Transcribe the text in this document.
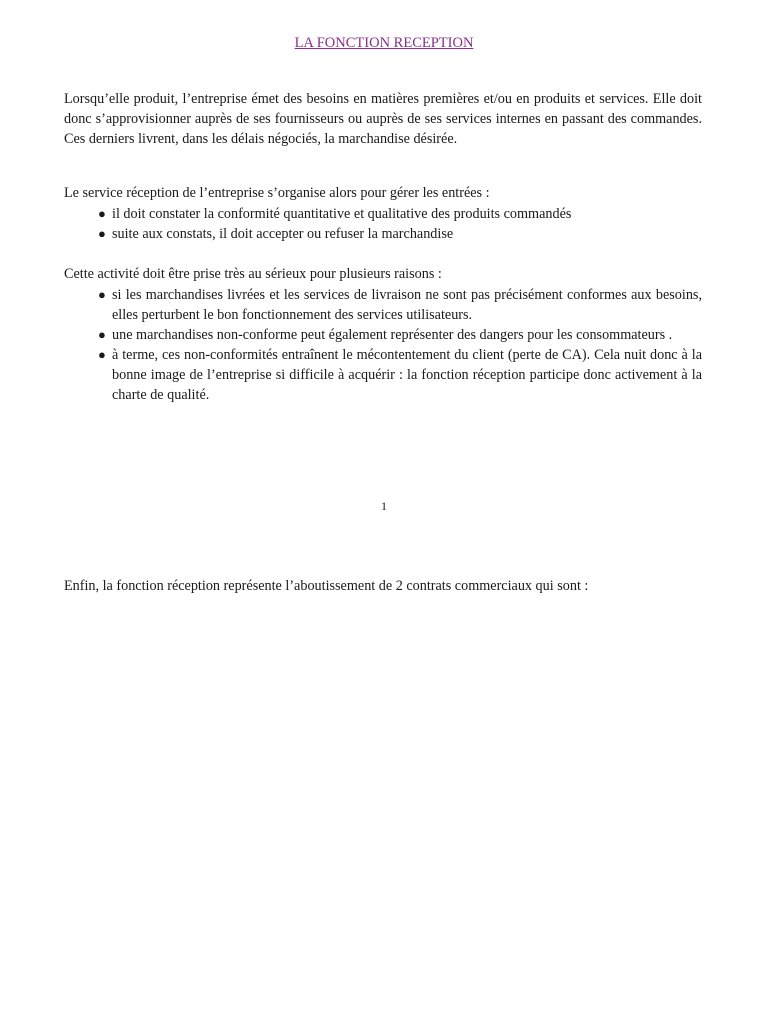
LA FONCTION RECEPTION

Lorsqu’elle produit, l’entreprise émet des besoins en matières premières et/ou en produits et services. Elle doit donc s’approvisionner auprès de ses fournisseurs ou auprès de ses services internes en passant des commandes. Ces derniers livrent, dans les délais négociés, la marchandise désirée.

Le service réception de l’entreprise s’organise alors pour gérer les entrées :

● il doit constater la conformité quantitative et qualitative des produits commandés
● suite aux constats, il doit accepter ou refuser la marchandise

Cette activité doit être prise très au sérieux pour plusieurs raisons :

● si les marchandises livrées et les services de livraison ne sont pas précisément conformes aux besoins, elles perturbent le bon fonctionnement des services utilisateurs.
● une marchandises non-conforme peut également représenter des dangers pour les consommateurs .
● à terme, ces non-conformités entraînent le mécontentement du client (perte de CA). Cela nuit donc à la bonne image de l’entreprise si difficile à acquérir : la fonction réception participe donc activement à la charte de qualité.
1

Enfin, la fonction réception représente l’aboutissement de 2 contrats commerciaux qui sont :
